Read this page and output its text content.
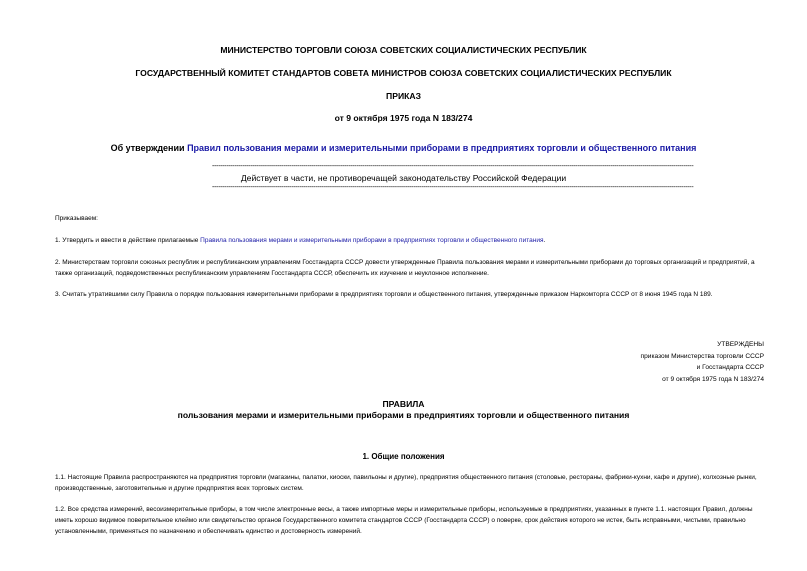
МИНИСТЕРСТВО ТОРГОВЛИ СОЮЗА СОВЕТСКИХ СОЦИАЛИСТИЧЕСКИХ РЕСПУБЛИК
ГОСУДАРСТВЕННЫЙ КОМИТЕТ СТАНДАРТОВ СОВЕТА МИНИСТРОВ СОЮЗА СОВЕТСКИХ СОЦИАЛИСТИЧЕСКИХ РЕСПУБЛИК
ПРИКАЗ
от 9 октября 1975 года N 183/274
Об утверждении Правил пользования мерами и измерительными приборами в предприятиях торговли и общественного питания
---------------------------------------------------------------------------------------------------------------------------------------------------------------------------------------------------------------------------------------------
Действует в части, не противоречащей законодательству Российской Федерации
---------------------------------------------------------------------------------------------------------------------------------------------------------------------------------------------------------------------------------------------
Приказываем:
1. Утвердить и ввести в действие прилагаемые Правила пользования мерами и измерительными приборами в предприятиях торговли и общественного питания.
2. Министерствам торговли союзных республик и республиканским управлениям Госстандарта СССР довести утвержденные Правила пользования мерами и измерительными приборами до торговых организаций и предприятий, а также организаций, подведомственных республиканским управлениям Госстандарта СССР, обеспечить их изучение и неуклонное исполнение.
3. Считать утратившими силу Правила о порядке пользования измерительными приборами в предприятиях торговли и общественного питания, утвержденные приказом Наркомторга СССР от 8 июня 1945 года N 189.
УТВЕРЖДЕНЫ
приказом Министерства торговли СССР
и Госстандарта СССР
от 9 октября 1975 года N 183/274
ПРАВИЛА
пользования мерами и измерительными приборами в предприятиях торговли и общественного питания
1. Общие положения
1.1. Настоящие Правила распространяются на предприятия торговли (магазины, палатки, киоски, павильоны и другие), предприятия общественного питания (столовые, рестораны, фабрики-кухни, кафе и другие), колхозные рынки, производственные, заготовительные и другие предприятия всех торговых систем.
1.2. Все средства измерений, весоизмерительные приборы, в том числе электронные весы, а также импортные меры и измерительные приборы, используемые в предприятиях, указанных в пункте 1.1. настоящих Правил, должны иметь хорошо видимое поверительное клеймо или свидетельство органов Государственного комитета стандартов СССР (Госстандарта СССР) о поверке, срок действия которого не истек, быть исправными, чистыми, правильно установленными, применяться по назначению и обеспечивать единство и достоверность измерений.
